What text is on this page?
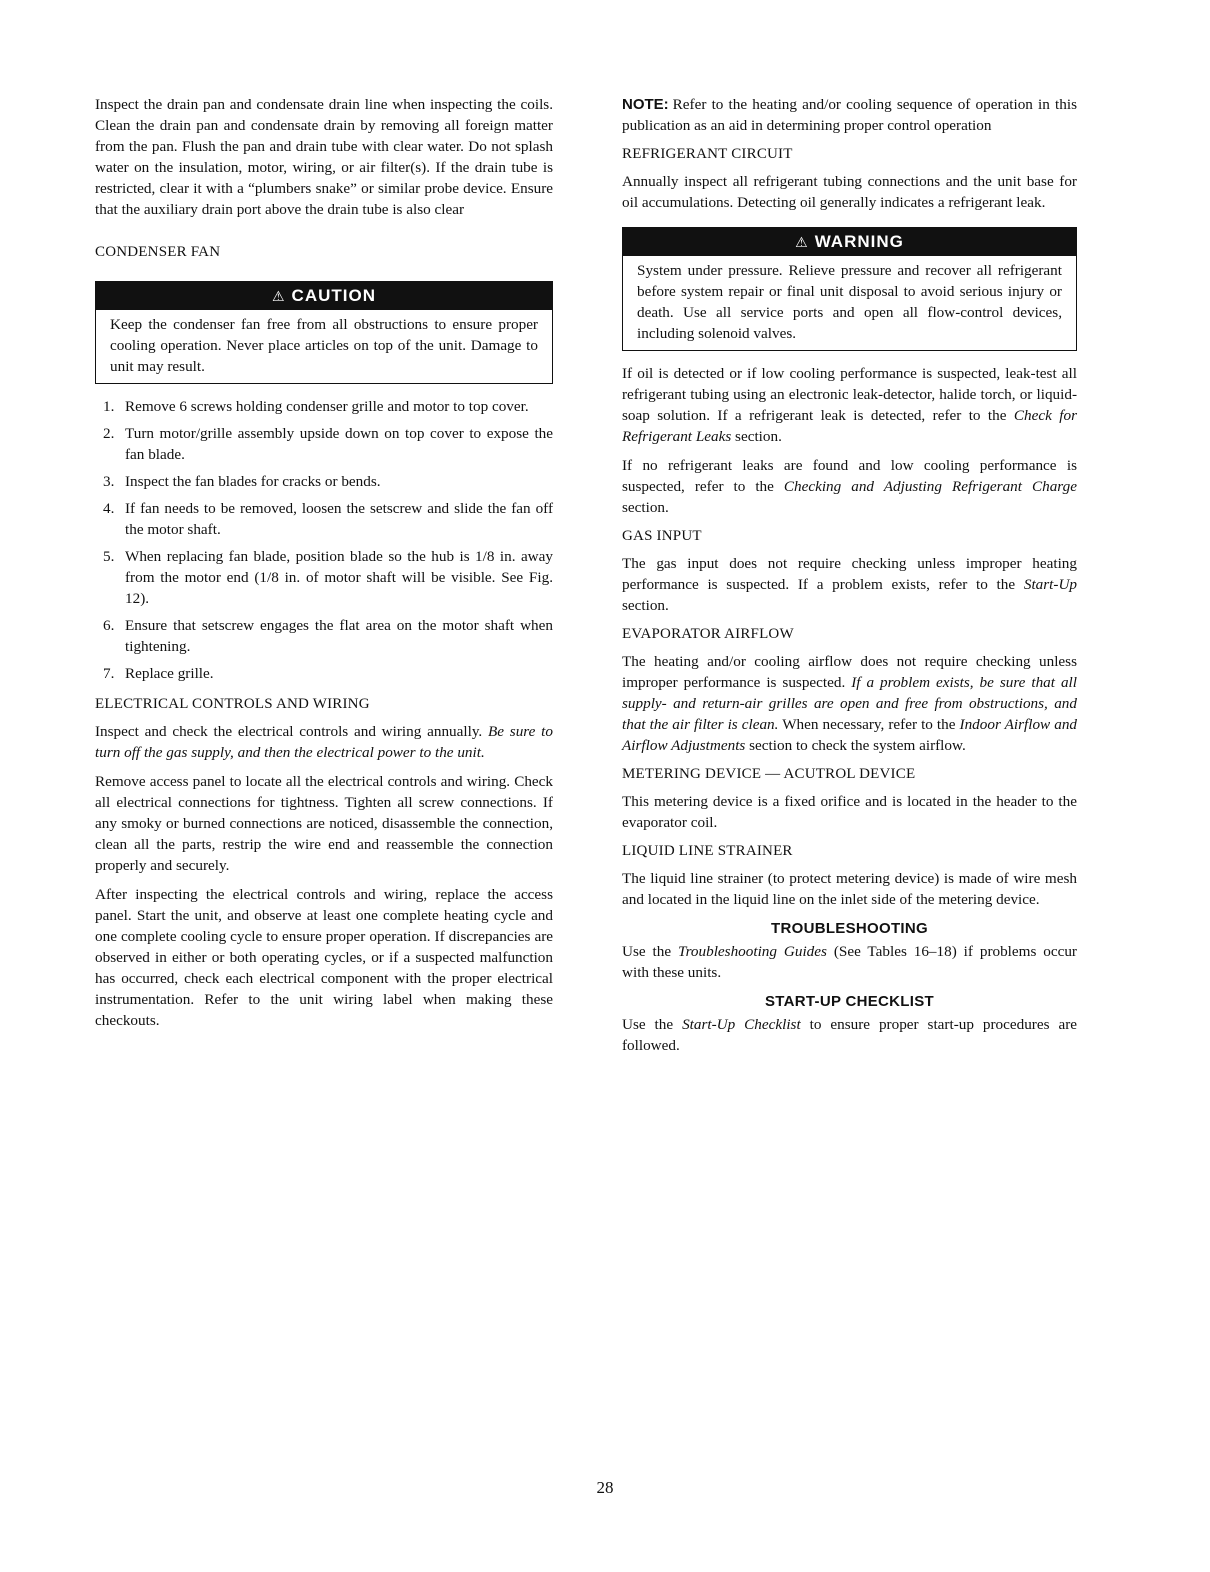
Inspect the drain pan and condensate drain line when inspecting the coils. Clean the drain pan and condensate drain by removing all foreign matter from the pan. Flush the pan and drain tube with clear water. Do not splash water on the insulation, motor, wiring, or air filter(s). If the drain tube is restricted, clear it with a “plumbers snake” or similar probe device. Ensure that the auxiliary drain port above the drain tube is also clear

CONDENSER FAN
⚠ CAUTION
Keep the condenser fan free from all obstructions to ensure proper cooling operation. Never place articles on top of the unit. Damage to unit may result.
1. Remove 6 screws holding condenser grille and motor to top cover.
2. Turn motor/grille assembly upside down on top cover to expose the fan blade.
3. Inspect the fan blades for cracks or bends.
4. If fan needs to be removed, loosen the setscrew and slide the fan off the motor shaft.
5. When replacing fan blade, position blade so the hub is 1/8 in. away from the motor end (1/8 in. of motor shaft will be visible. See Fig. 12).
6. Ensure that setscrew engages the flat area on the motor shaft when tightening.
7. Replace grille.
ELECTRICAL CONTROLS AND WIRING

Inspect and check the electrical controls and wiring annually. Be sure to turn off the gas supply, and then the electrical power to the unit.

Remove access panel to locate all the electrical controls and wiring. Check all electrical connections for tightness. Tighten all screw connections. If any smoky or burned connections are noticed, disassemble the connection, clean all the parts, restrip the wire end and reassemble the connection properly and securely.

After inspecting the electrical controls and wiring, replace the access panel. Start the unit, and observe at least one complete heating cycle and one complete cooling cycle to ensure proper operation. If discrepancies are observed in either or both operating cycles, or if a suspected malfunction has occurred, check each electrical component with the proper electrical instrumentation. Refer to the unit wiring label when making these checkouts.

NOTE: Refer to the heating and/or cooling sequence of operation in this publication as an aid in determining proper control operation

REFRIGERANT CIRCUIT

Annually inspect all refrigerant tubing connections and the unit base for oil accumulations. Detecting oil generally indicates a refrigerant leak.

⚠ WARNING
System under pressure. Relieve pressure and recover all refrigerant before system repair or final unit disposal to avoid serious injury or death. Use all service ports and open all flow-control devices, including solenoid valves.

If oil is detected or if low cooling performance is suspected, leak-test all refrigerant tubing using an electronic leak-detector, halide torch, or liquid-soap solution. If a refrigerant leak is detected, refer to the Check for Refrigerant Leaks section.

If no refrigerant leaks are found and low cooling performance is suspected, refer to the Checking and Adjusting Refrigerant Charge section.

GAS INPUT

The gas input does not require checking unless improper heating performance is suspected. If a problem exists, refer to the Start-Up section.

EVAPORATOR AIRFLOW

The heating and/or cooling airflow does not require checking unless improper performance is suspected. If a problem exists, be sure that all supply- and return-air grilles are open and free from obstructions, and that the air filter is clean. When necessary, refer to the Indoor Airflow and Airflow Adjustments section to check the system airflow.

METERING DEVICE — ACUTROL DEVICE

This metering device is a fixed orifice and is located in the header to the evaporator coil.

LIQUID LINE STRAINER

The liquid line strainer (to protect metering device) is made of wire mesh and located in the liquid line on the inlet side of the metering device.

TROUBLESHOOTING

Use the Troubleshooting Guides (See Tables 16–18) if problems occur with these units.

START-UP CHECKLIST

Use the Start-Up Checklist to ensure proper start-up procedures are followed.

28
